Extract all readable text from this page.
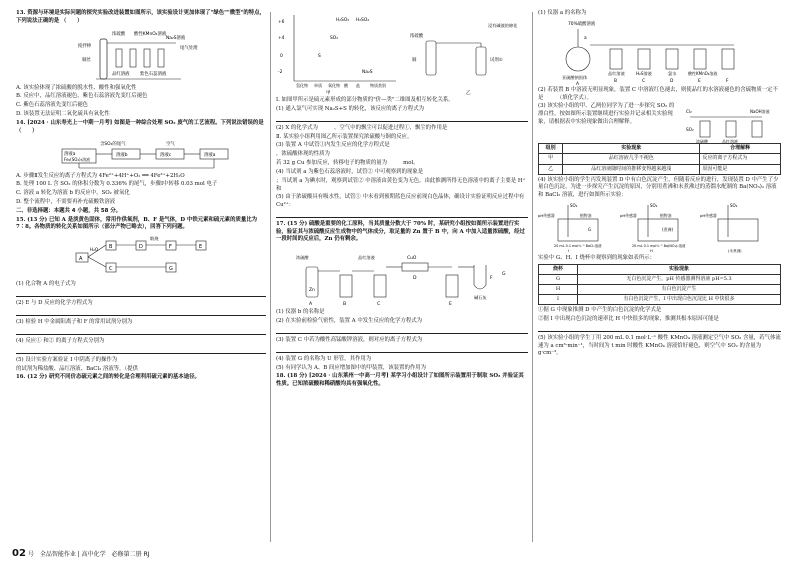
13. 资源与环境是实际问题的探究实验改进装置如图所示，该实验设计更加体现了"绿色""微型"的特点，下列说法正确的是 （　　）

浓硫酸 酸性KMnO₄溶液
Na₂S溶液
尾气处理
搅拌棒
铜丝
品红溶液 紫色石蕊溶液

A. 该实验体现了浓硫酸的脱水性、酸性和强氧化性

B. 反应中，品红溶液褪色，紫色石蕊溶液先变红后褪色

C. 紫色石蕊溶液先变红后褪色

D. 该装置无法证明二氧化硫具有氧化性

14. [2024 · 山东寿光上一中期一月考] 如图是一种综合处理 SO₂ 废气的工艺流程。下列说法错误的是 （　　）

含SO₂的尾气
溶液a
Fe₂(SO₄)₃溶液
溶液b
空气
溶液c	溶液a

A. 步骤Ⅱ发生反应的离子方程式为 4Fe²⁺+4H⁺+O₂ ══ 4Fe³⁺+2H₂O

B. 处理 100 L 含 SO₂ 的体积分数为 0.336% 的尾气，步骤Ⅰ中转移 0.03 mol 电子

C. 溶液 a 转化为溶液 b 的反应中，SO₂ 被氧化

D. 整个流程中，不需要再补充硫酸铁溶液

二、非选择题：本题共 4 小题，共 58 分。

15. (13 分) 已知 A 是淡黄色固体，常用作供氧剂，B、F 是气体，D 中铁元素和硫元素的质量比为 7∶8。各物质的转化关系如图所示（部分产物已略去），回答下列问题。

H₂O
A
B
C
D	F	E
G
煅烧

(1) 化合物 A 的电子式为

(2) E 与 D 反应的化学方程式为

(3) 检验 H 中金属阳离子和 F 的常用试剂分别为

(4) 反应① 和② 的离子方程式分别为

(5) 设计实验方案验证 I 中阴离子的操作为

的试剂为稀盐酸、品红溶液、BaCl₂ 溶液等。（提供

16. (12 分) 研究不同价态硫元素之间的转化是合理利用硫元素的基本途径。

+6
+4
0
-2
H₂SO₃ H₂SO₄
SO₂
S
Na₂S
氢化物 单质 氧化物 酸 盐	物质类别
甲
浓硫酸
铜
浸有碱液的棉花
试剂②
乙

Ⅰ. 如图甲所示是硫元素形成的部分物质的"价—类"二维图及相互转化关系。

(1) 通入氯气可实现 Na₂S+S 的转化，该反应的离子方程式为

(2) X 的化学式为　　　。空气中的飘尘可以促进过程①，飘尘的作用是

Ⅱ. 某实验小组利用图乙所示装置探究浓硫酸与铜的反应。

(3) 装置 A 中试管①内发生反应的化学方程式是

，浓硫酸体现的性质为

若 32 g Cu 参加反应，转移电子的物质的量为　　　mol。

(4) 当试剂 a 为紫色石蕊溶液时，试管② 中可观察到的现象是

；当试剂 a 为碘水时，观察到试管② 中溶液由黄色变为无色，由此推测所得无色溶液中的离子主要是 H⁺ 和

(5) 由于浓硫酸具有吸水性，试管① 中未看到预期蓝色反应前现白色晶体，确设计实验证明反应过程中有 Cu²⁺：

17. (15 分) 硫酸是重要的化工原料，当其质量分数大于 70% 时，某研究小组按如图所示装置进行实验，验证其与浓硫酸反应生成物中的气体成分，取足量的 Zn 置于 B 中，向 A 中加入适量浓硫酸，经过一段时间的反应后，Zn 仍有剩余。

浓硫酸
Zn
A	B
品红溶液
C
CuO
D
E
F
G
碱石灰

(1) 仪器 b 的名称是

(2) 在实验前检验气密性，装置 A 中发生反应的化学方程式为

(3) 装置 C 中若为酸性高锰酸钾溶液，则对应的离子方程式为

(4) 装置 G 的名称为 U 形管，其作用为

(5) 有同学认为 A、B 间应增加图中的甲装置，该装置的作用为

18. (18 分) [2024 · 山东莱州一中高一月考] 某学习小组设计了如图所示装置用于制取 SO₂ 并验证其性质。已知浓硫酸和稀硝酸均具有强氧化性。

(1) 仪器 a 的名称为

70%硫酸溶液
a
亚硫酸钠固体
A
品红溶液
B
H₂S溶液
C
氯水
D
酸性KMnO₄溶液
E	F

(2) 若装置 B 中溶液无明显现象，装置 C 中溶液红色褪去，则使品红的水溶液褪色的含硫物质一定不是　　　（填化学式）。

(3) 该实验小组的甲、乙两位同学为了进一步探究 SO₂ 的漂白性，按如图所示装置继续进行实验并记录相关实验现象，请根据表中实验现象做出合理解释。

Cl₂
SO₂
浓硫酸	品红溶液
NaOH溶液
组别	实验现象	合理解释
甲	品红溶液几乎不褪色	反应的离子方程式为
乙	品红溶液随时间的推移变得越来越浅	原因可能是

(4) 该实验小组的学生丙发现装置 D 中有白色沉淀产生，但随着反应的进行，发现装置 D 中产生了少量白色沉淀。为进一步探究产生沉淀的原因，分别用煮沸和未煮沸过的蒸馏水配制的 Ba(NO₃)₂ 溶液和 BaCl₂ 溶液，进行如图所示实验：

SO₂
pH传感器	植物油
20 mL 0.1 mol·L⁻¹ BaCl₂溶液
I
SO₂
pH传感器	植物油
20 mL 0.1 mol·L⁻¹ Ba(NO₃)₂溶液
H
SO₂
pH传感器
(未煮沸)
G	(煮沸)

实验中 G、H、I 烧杯中观察到的现象如表所示：

烧杯	实验现象
G	无白色沉淀产生，pH 传感器测得溶液 pH=5.3
H	有白色沉淀产生
I	有白色沉淀产生，I 中出现白色沉淀比 H 中快很多

①据 G 中现象推测 D 中产生的白色沉淀的化学式是

②据 I 中出现白色沉淀的速率比 H 中快很多的现象，推测其根本原因可能是

(5) 该实验小组的学生丁用 200 mL 0.1 mol·L⁻¹ 酸性 KMnO₄ 溶液测定空气中 SO₂ 含量，若气体流速为 a cm³·min⁻¹，当时间为 t min 时酸性 KMnO₄ 溶液恰好褪色，则空气中 SO₂ 的含量为　　　g·cm⁻³。

02 号　全品智能作业 | 高中化学　必修第二册 RJ
